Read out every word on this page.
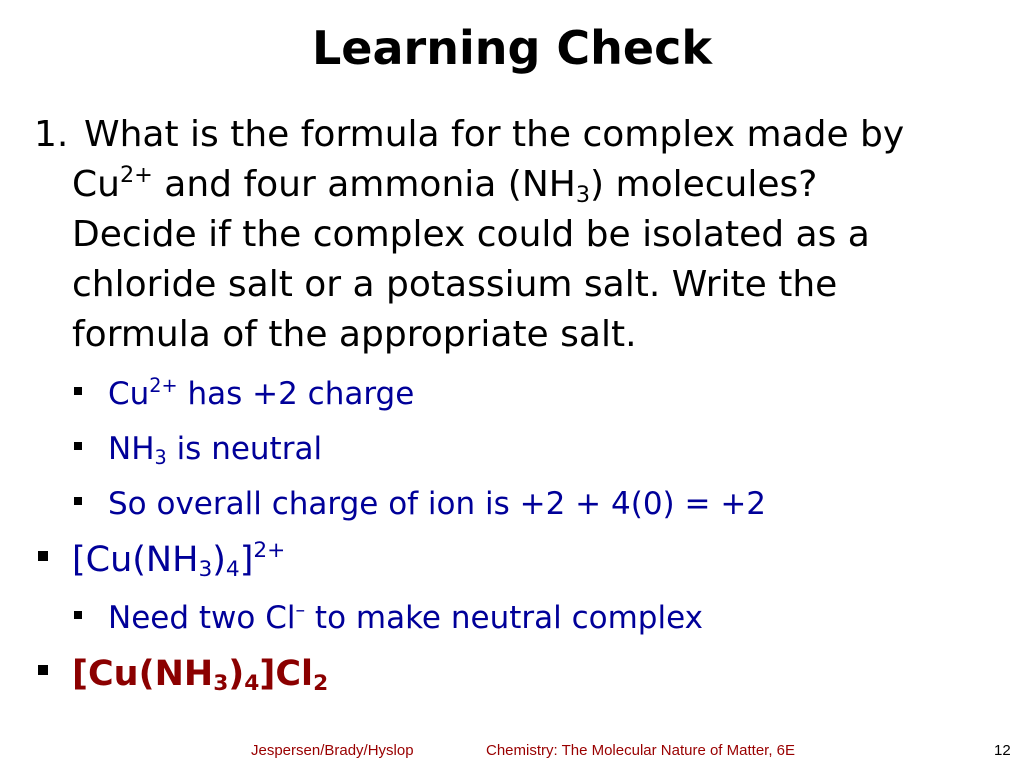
Learning Check
1. What is the formula for the complex made by
$Cu^{2+}$ and four ammonia $(NH_3)$ molecules?
Decide if the complex could be isolated as a
chloride salt or a potassium salt. Write the
formula of the appropriate salt.
$Cu^{2+}$ has +2 charge
$NH_3$ is neutral
So overall charge of ion is +2 + 4(0) = +2
$[Cu(NH_3)_4]^{2+}$
Need two Cl– to make neutral complex
$[Cu(NH_3)_4]Cl_2$
Jespersen/Brady/Hyslop	Chemistry: The Molecular Nature of Matter, 6E	12
